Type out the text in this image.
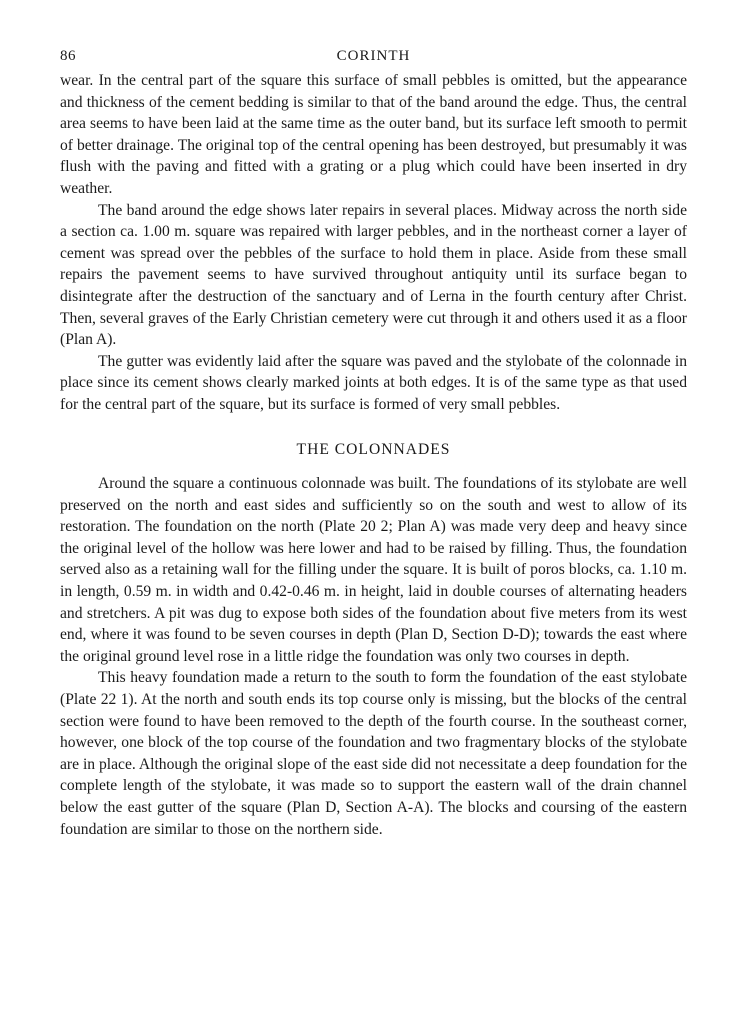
86	CORINTH

wear. In the central part of the square this surface of small pebbles is omitted, but the appearance and thickness of the cement bedding is similar to that of the band around the edge. Thus, the central area seems to have been laid at the same time as the outer band, but its surface left smooth to permit of better drainage. The original top of the central opening has been destroyed, but presumably it was flush with the paving and fitted with a grating or a plug which could have been inserted in dry weather.

The band around the edge shows later repairs in several places. Midway across the north side a section ca. 1.00 m. square was repaired with larger pebbles, and in the northeast corner a layer of cement was spread over the pebbles of the surface to hold them in place. Aside from these small repairs the pavement seems to have survived throughout antiquity until its surface began to disintegrate after the destruction of the sanctuary and of Lerna in the fourth century after Christ. Then, several graves of the Early Christian cemetery were cut through it and others used it as a floor (Plan A).

The gutter was evidently laid after the square was paved and the stylobate of the colonnade in place since its cement shows clearly marked joints at both edges. It is of the same type as that used for the central part of the square, but its surface is formed of very small pebbles.

THE COLONNADES

Around the square a continuous colonnade was built. The foundations of its stylobate are well preserved on the north and east sides and sufficiently so on the south and west to allow of its restoration. The foundation on the north (Plate 20 2; Plan A) was made very deep and heavy since the original level of the hollow was here lower and had to be raised by filling. Thus, the foundation served also as a retaining wall for the filling under the square. It is built of poros blocks, ca. 1.10 m. in length, 0.59 m. in width and 0.42-0.46 m. in height, laid in double courses of alternating headers and stretchers. A pit was dug to expose both sides of the foundation about five meters from its west end, where it was found to be seven courses in depth (Plan D, Section D-D); towards the east where the original ground level rose in a little ridge the foundation was only two courses in depth.

This heavy foundation made a return to the south to form the foundation of the east stylobate (Plate 22 1). At the north and south ends its top course only is missing, but the blocks of the central section were found to have been removed to the depth of the fourth course. In the southeast corner, however, one block of the top course of the foundation and two fragmentary blocks of the stylobate are in place. Although the original slope of the east side did not necessitate a deep foundation for the complete length of the stylobate, it was made so to support the eastern wall of the drain channel below the east gutter of the square (Plan D, Section A-A). The blocks and coursing of the eastern foundation are similar to those on the northern side.
